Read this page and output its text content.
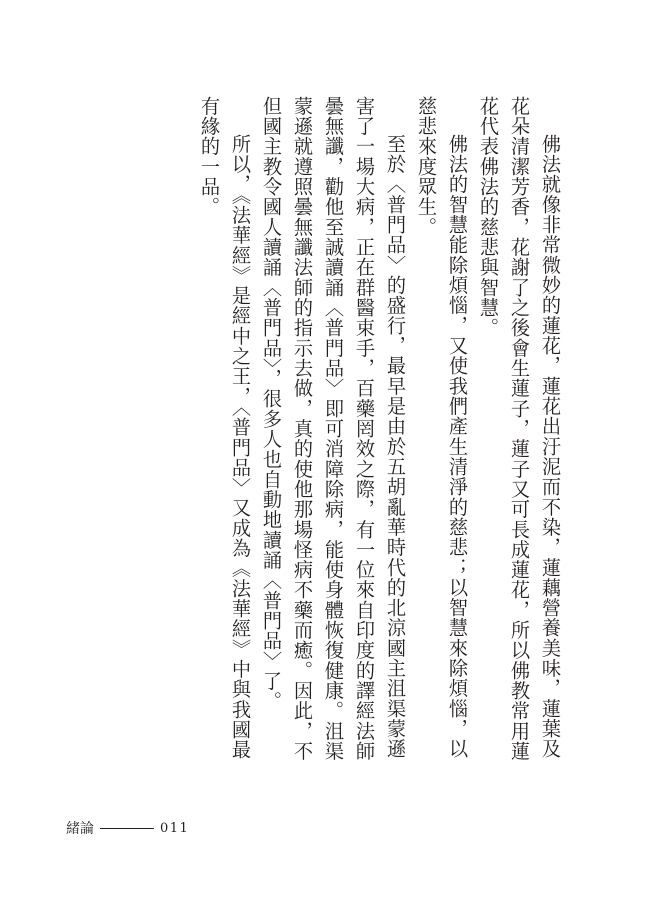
佛法就像非常微妙的蓮花，蓮花出汙泥而不染，蓮藕營養美味，蓮葉及花朵清潔芳香，花謝了之後會生蓮子，蓮子又可長成蓮花，所以佛教常用蓮花代表佛法的慈悲與智慧。

佛法的智慧能除煩惱，又使我們產生清淨的慈悲；以智慧來除煩惱，以慈悲來度眾生。

至於〈普門品〉的盛行，最早是由於五胡亂華時代的北涼國主沮渠蒙遜害了一場大病，正在群醫束手，百藥罔效之際，有一位來自印度的譯經法師曇無讖，勸他至誠讀誦〈普門品〉即可消障除病，能使身體恢復健康。沮渠蒙遜就遵照曇無讖法師的指示去做，真的使他那場怪病不藥而癒。因此，不但國主教令國人讀誦〈普門品〉，很多人也自動地讀誦〈普門品〉了。

所以，《法華經》是經中之王，〈普門品〉又成為《法華經》中與我國最有緣的一品。

緒論	011
